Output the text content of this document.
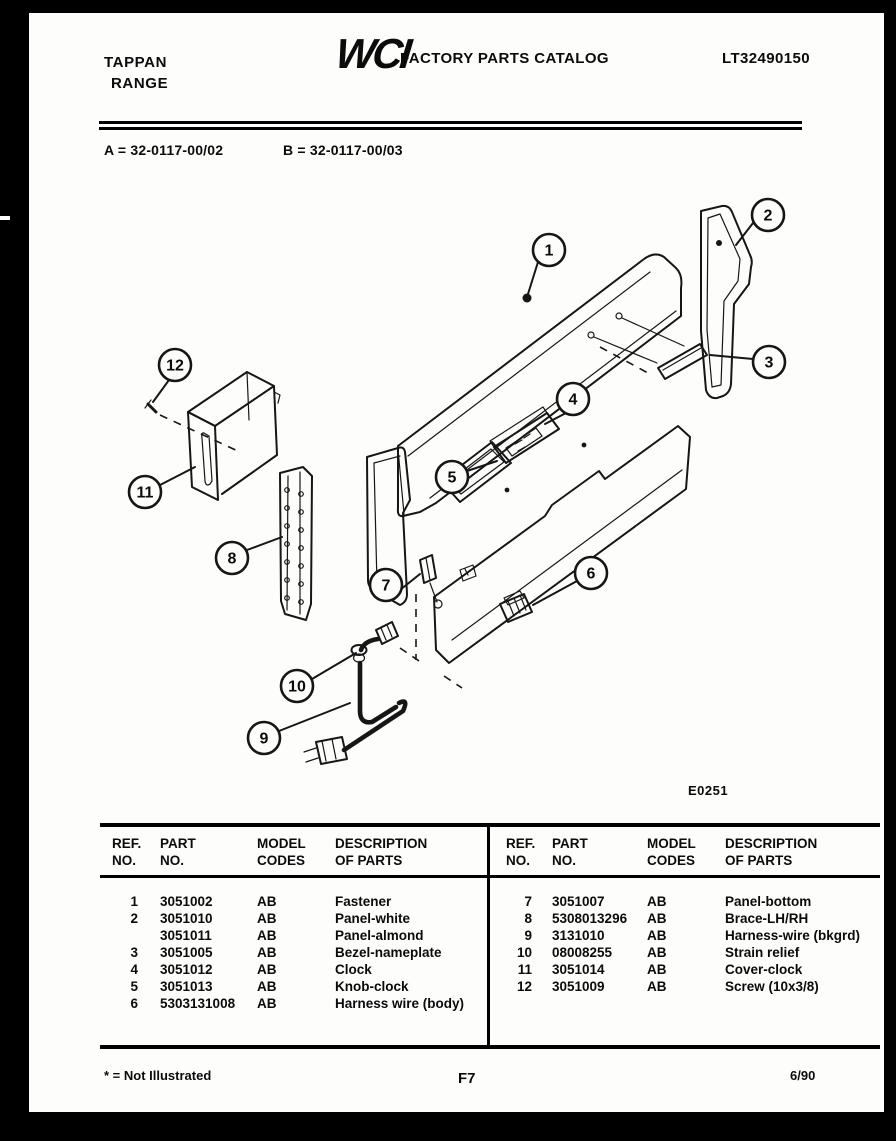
TAPPAN
RANGE
WCI
FACTORY PARTS CATALOG	LT32490150
A = 32-0117-00/02	B = 32-0117-00/03
1
2
3
4
5
6
7
8
9
10
11
12
E0251
REF.
NO.
PART
NO.
MODEL
CODES
DESCRIPTION
OF PARTS
1 3051002	AB	Fastener
2 3051010	AB	Panel-white
3051011	AB	Panel-almond
3 3051005	AB	Bezel-nameplate
4 3051012	AB	Clock
5 3051013	AB	Knob-clock
6 5303131008	AB	Harness wire (body)
REF.
NO.
PART
NO.
MODEL
CODES
DESCRIPTION
OF PARTS
7 3051007	AB	Panel-bottom
8 5308013296	AB	Brace-LH/RH
9 3131010	AB	Harness-wire (bkgrd)
10 08008255	AB	Strain relief
11 3051014	AB	Cover-clock
12 3051009	AB	Screw (10x3/8)
* = Not Illustrated	F7	6/90
